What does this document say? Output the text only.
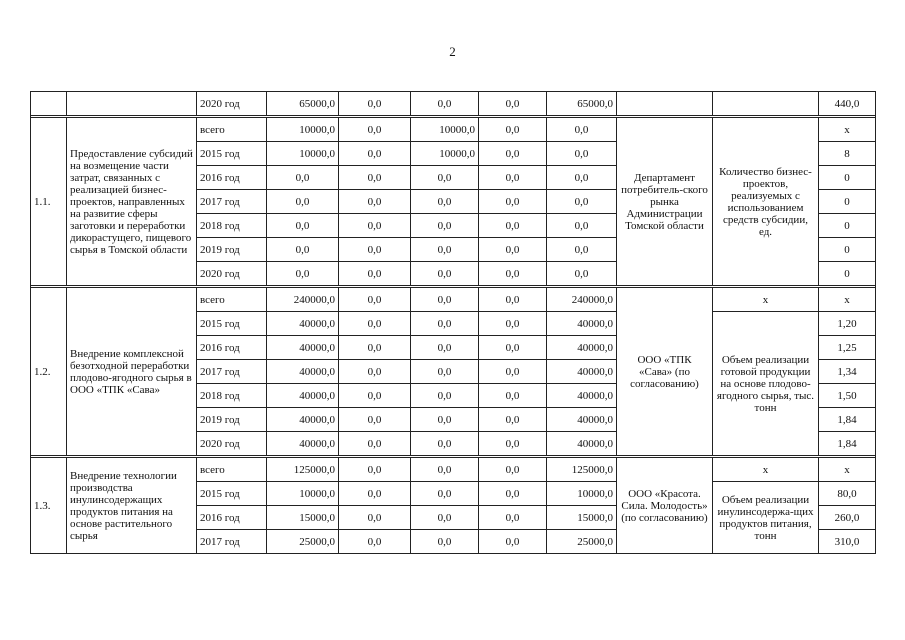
2
		2020 год	65000,0	0,0	0,0	0,0	65000,0			440,0

1.1.	Предоставление субсидий на возмещение части затрат, связанных с реализацией бизнес-проектов, направленных на развитие сферы заготовки и переработки дикорастущего, пищевого сырья в Томской области	всего	10000,0	0,0	10000,0	0,0	0,0	Департамент потребитель-ского рынка Администрации Томской области	Количество бизнес-проектов, реализуемых с использованием средств субсидии, ед.	х
		2015 год	10000,0	0,0	10000,0	0,0	0,0			8
		2016 год	0,0	0,0	0,0	0,0	0,0			0
		2017 год	0,0	0,0	0,0	0,0	0,0			0
		2018 год	0,0	0,0	0,0	0,0	0,0			0
		2019 год	0,0	0,0	0,0	0,0	0,0			0
		2020 год	0,0	0,0	0,0	0,0	0,0			0

1.2.	Внедрение комплексной безотходной переработки плодово-ягодного сырья в ООО «ТПК «Сава»	всего	240000,0	0,0	0,0	0,0	240000,0	ООО «ТПК «Сава» (по согласованию)	х	х
		2015 год	40000,0	0,0	0,0	0,0	40000,0		Объем реализации готовой продукции на основе плодово-ягодного сырья, тыс. тонн	1,20
		2016 год	40000,0	0,0	0,0	0,0	40000,0			1,25
		2017 год	40000,0	0,0	0,0	0,0	40000,0			1,34
		2018 год	40000,0	0,0	0,0	0,0	40000,0			1,50
		2019 год	40000,0	0,0	0,0	0,0	40000,0			1,84
		2020 год	40000,0	0,0	0,0	0,0	40000,0			1,84

1.3.	Внедрение технологии производства инулинсодержащих продуктов питания на основе растительного сырья	всего	125000,0	0,0	0,0	0,0	125000,0	ООО «Красота. Сила. Молодость» (по согласованию)	х	х
		2015 год	10000,0	0,0	0,0	0,0	10000,0		Объем реализации инулинсодержа-щих продуктов питания, тонн	80,0
		2016 год	15000,0	0,0	0,0	0,0	15000,0			260,0
		2017 год	25000,0	0,0	0,0	0,0	25000,0			310,0
